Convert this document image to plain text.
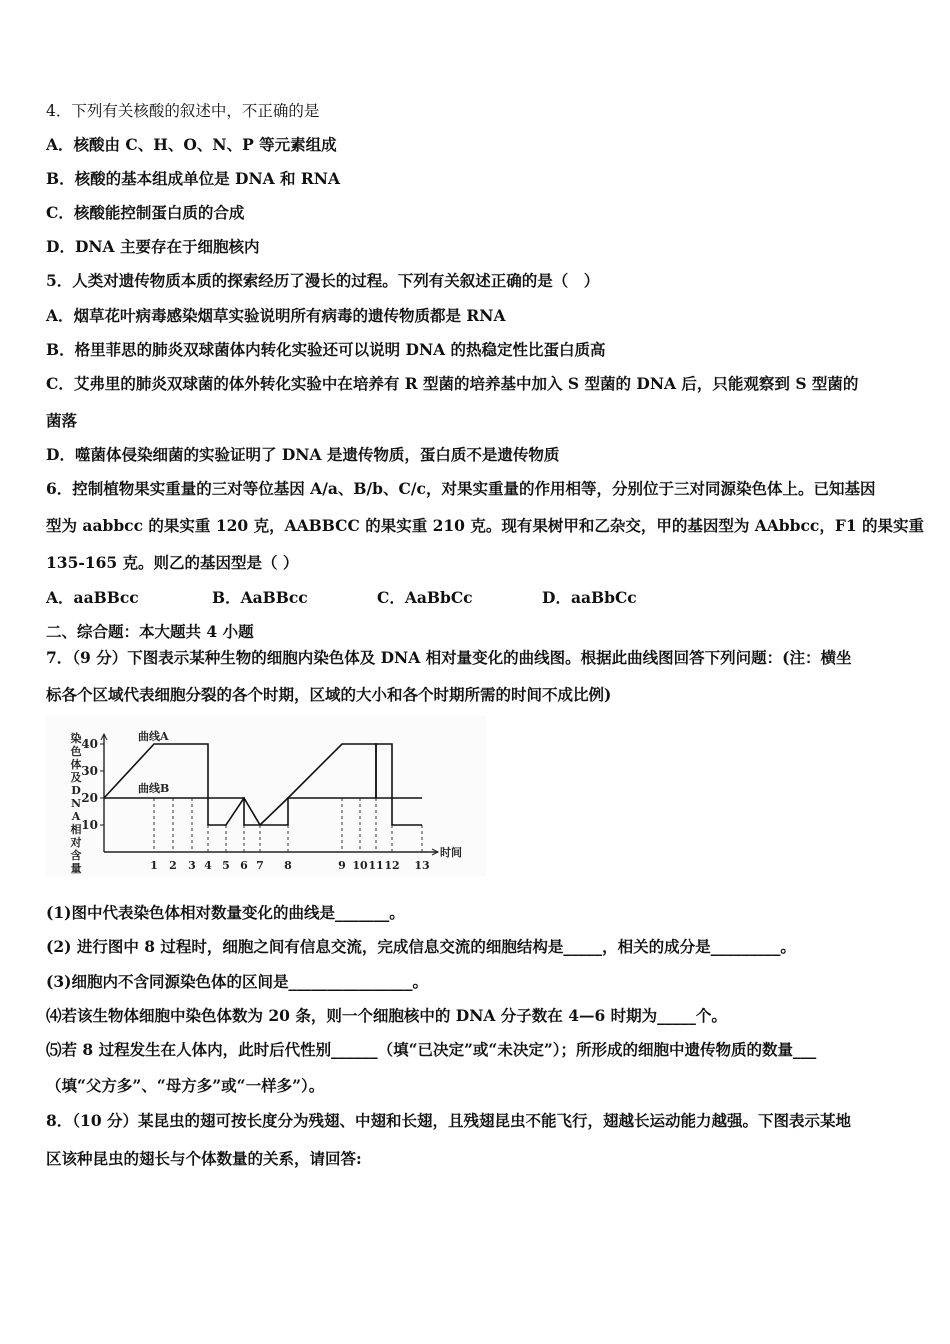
4．下列有关核酸的叙述中，不正确的是
A．核酸由 C、H、O、N、P 等元素组成
B．核酸的基本组成单位是 DNA 和 RNA
C．核酸能控制蛋白质的合成
D．DNA 主要存在于细胞核内
5．人类对遗传物质本质的探索经历了漫长的过程。下列有关叙述正确的是（　）
A．烟草花叶病毒感染烟草实验说明所有病毒的遗传物质都是 RNA
B．格里菲思的肺炎双球菌体内转化实验还可以说明 DNA 的热稳定性比蛋白质高
C．艾弗里的肺炎双球菌的体外转化实验中在培养有 R 型菌的培养基中加入 S 型菌的 DNA 后，只能观察到 S 型菌的
菌落
D．噬菌体侵染细菌的实验证明了 DNA 是遗传物质，蛋白质不是遗传物质
6．控制植物果实重量的三对等位基因 A/a、B/b、C/c，对果实重量的作用相等，分别位于三对同源染色体上。已知基因
型为 aabbcc 的果实重 120 克，AABBCC 的果实重 210 克。现有果树甲和乙杂交，甲的基因型为 AAbbcc，F1 的果实重
135-165 克。则乙的基因型是（ ）
A．aaBBcc	B．AaBBcc	C．AaBbCc	D．aaBbCc
二、综合题：本大题共 4 小题
7．（9 分）下图表示某种生物的细胞内染色体及 DNA 相对量变化的曲线图。根据此曲线图回答下列问题：(注：横坐
标各个区域代表细胞分裂的各个时期，区域的大小和各个时期所需的时间不成比例)
10
20
30
40
1 2 3 4 5 6 7 8	9 10 11 12 13
染
色
体
及
D
N
A
相
对
含
量
时间
曲线A
曲线B
(1)图中代表染色体相对数量变化的曲线是_______。
(2) 进行图中 8 过程时，细胞之间有信息交流，完成信息交流的细胞结构是_____，相关的成分是_________。
(3)细胞内不含同源染色体的区间是________________。
⑷若该生物体细胞中染色体数为 20 条，则一个细胞核中的 DNA 分子数在 4—6 时期为_____个。
⑸若 8 过程发生在人体内，此时后代性别______（填“已决定”或“未决定”）；所形成的细胞中遗传物质的数量___
（填“父方多”、“母方多”或“一样多”）。
8．（10 分）某昆虫的翅可按长度分为残翅、中翅和长翅，且残翅昆虫不能飞行，翅越长运动能力越强。下图表示某地
区该种昆虫的翅长与个体数量的关系，请回答:
